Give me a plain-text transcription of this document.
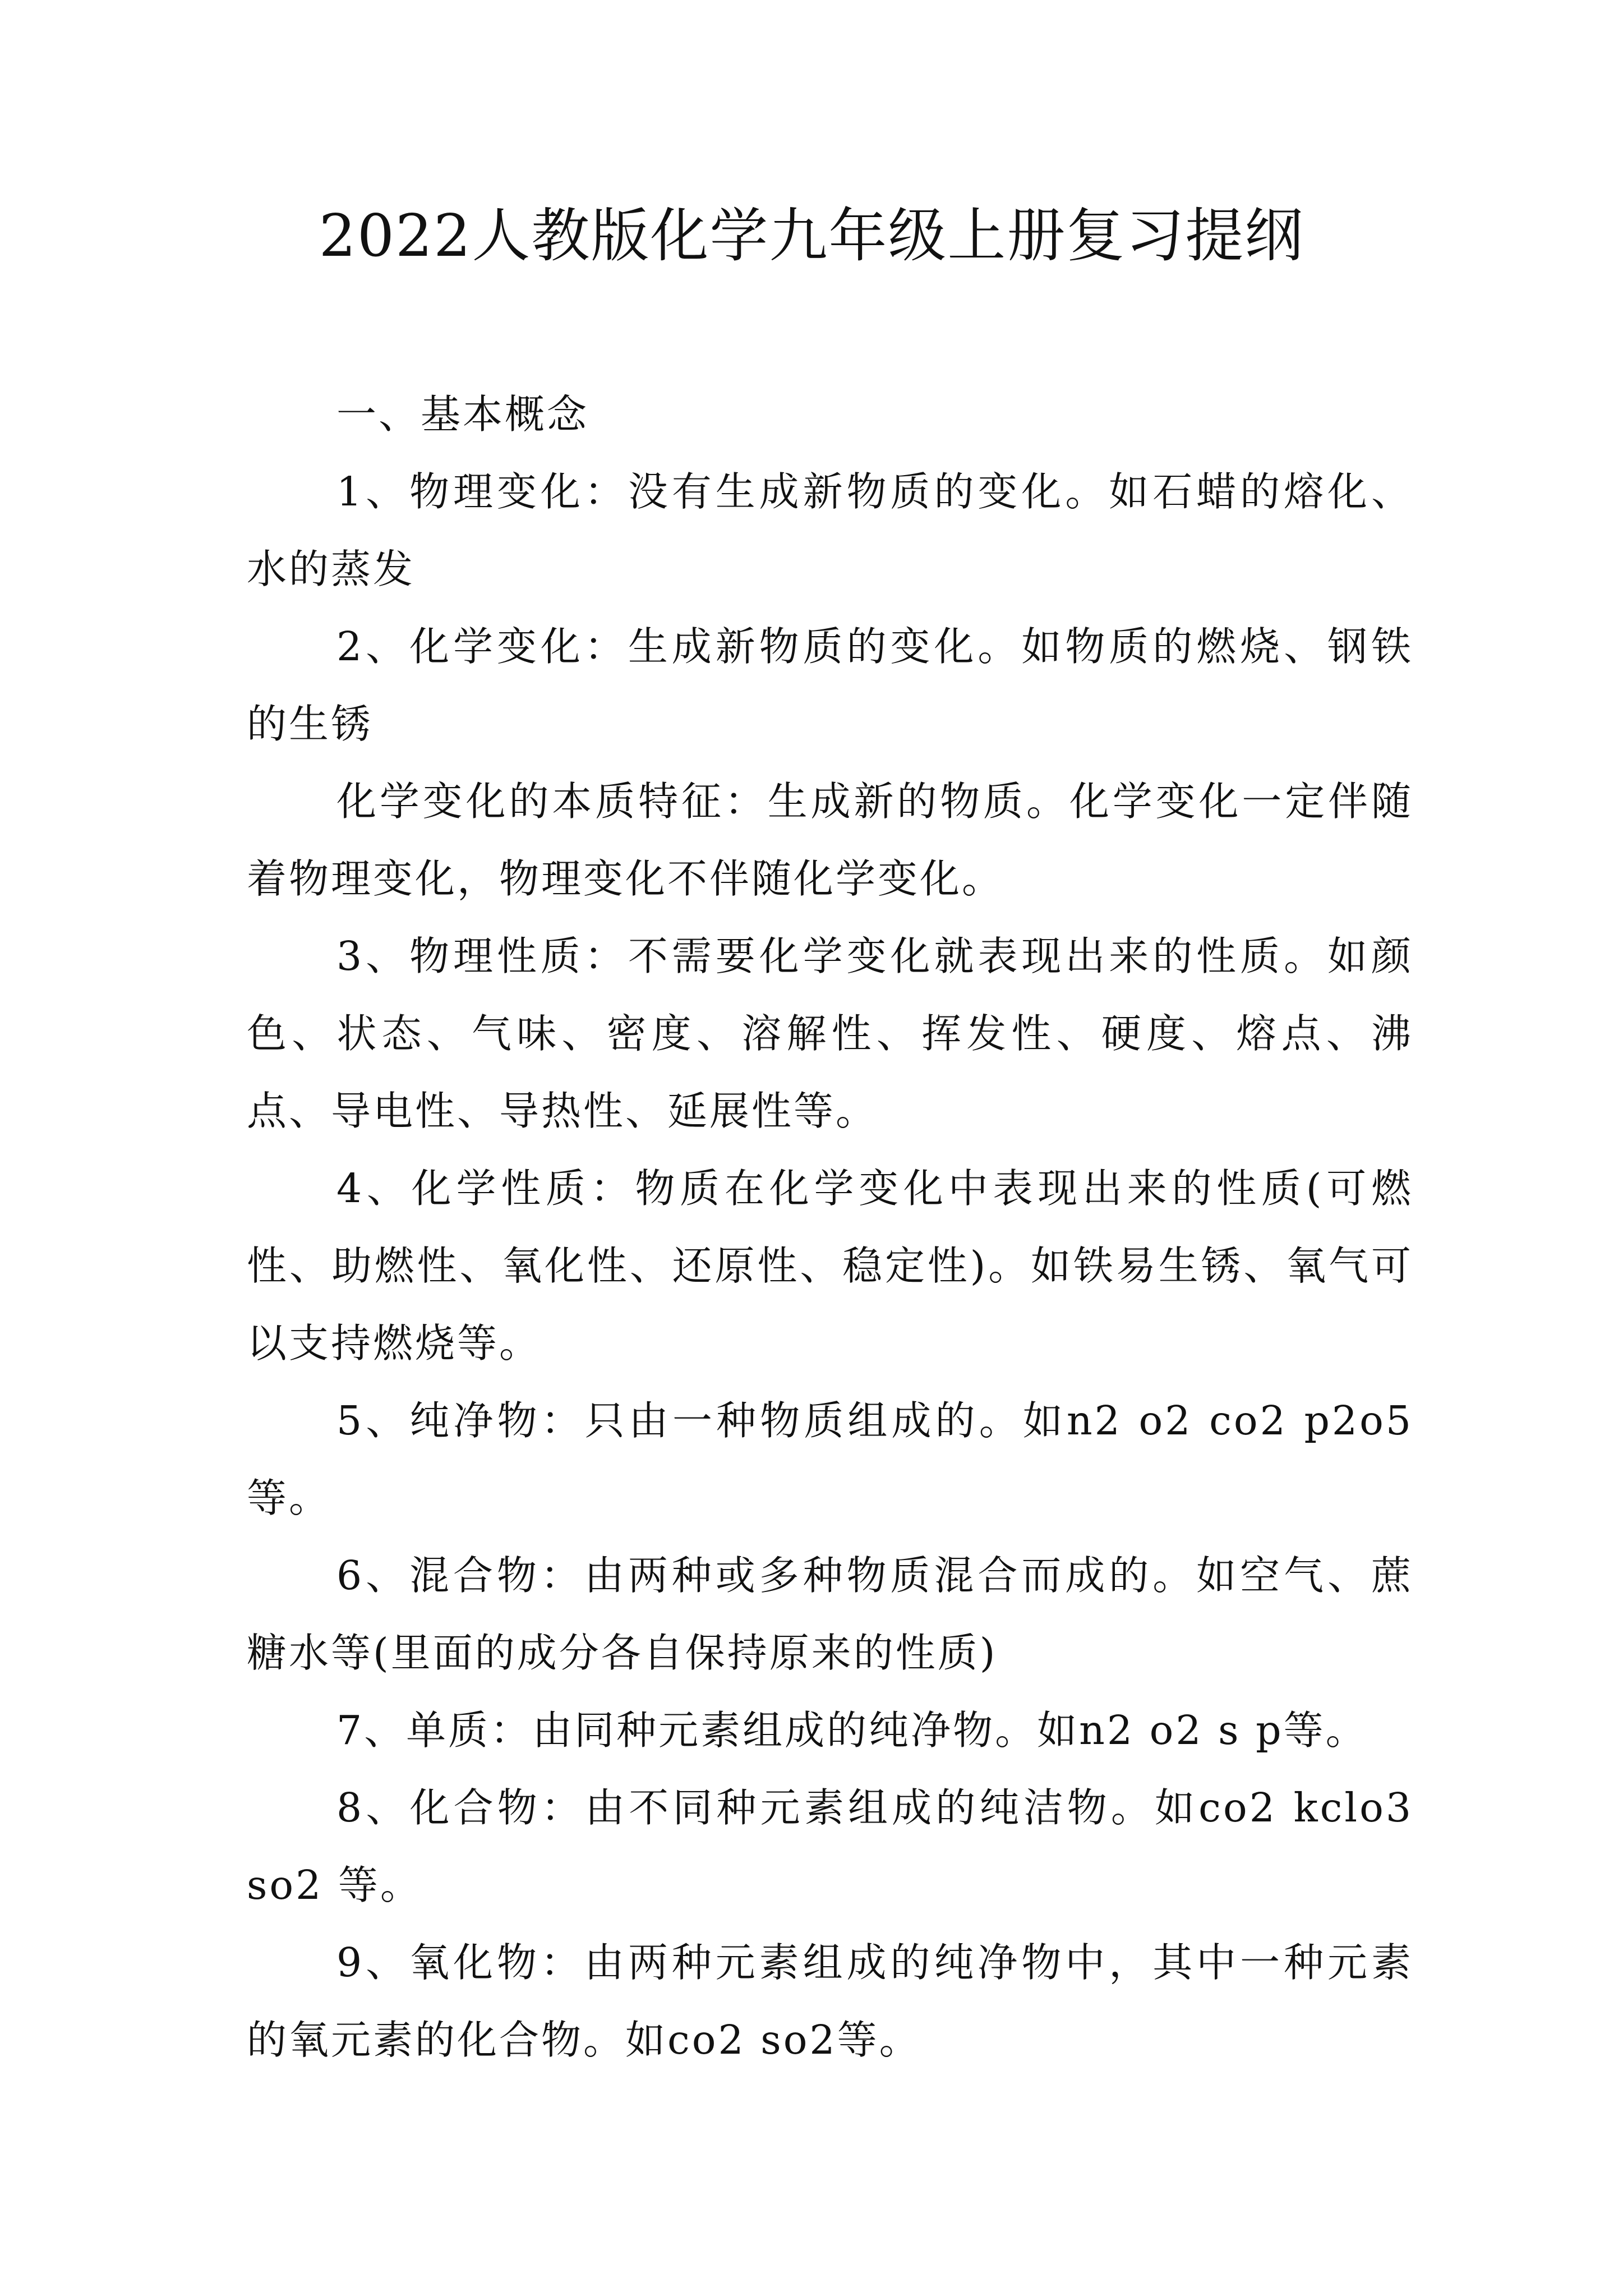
2022人教版化学九年级上册复习提纲

一、基本概念

1、物理变化：没有生成新物质的变化。如石蜡的熔化、水的蒸发

2、化学变化：生成新物质的变化。如物质的燃烧、钢铁的生锈

化学变化的本质特征：生成新的物质。化学变化一定伴随着物理变化，物理变化不伴随化学变化。

3、物理性质：不需要化学变化就表现出来的性质。如颜色、状态、气味、密度、溶解性、挥发性、硬度、熔点、沸点、导电性、导热性、延展性等。

4、化学性质：物质在化学变化中表现出来的性质(可燃性、助燃性、氧化性、还原性、稳定性)。如铁易生锈、氧气可以支持燃烧等。

5、纯净物：只由一种物质组成的。如n2 o2 co2 p2o5等。

6、混合物：由两种或多种物质混合而成的。如空气、蔗糖水等(里面的成分各自保持原来的性质)

7、单质：由同种元素组成的纯净物。如n2 o2 s p等。

8、化合物：由不同种元素组成的纯洁物。如co2 kclo3 so2 等。

9、氧化物：由两种元素组成的纯净物中，其中一种元素的氧元素的化合物。如co2 so2等。
